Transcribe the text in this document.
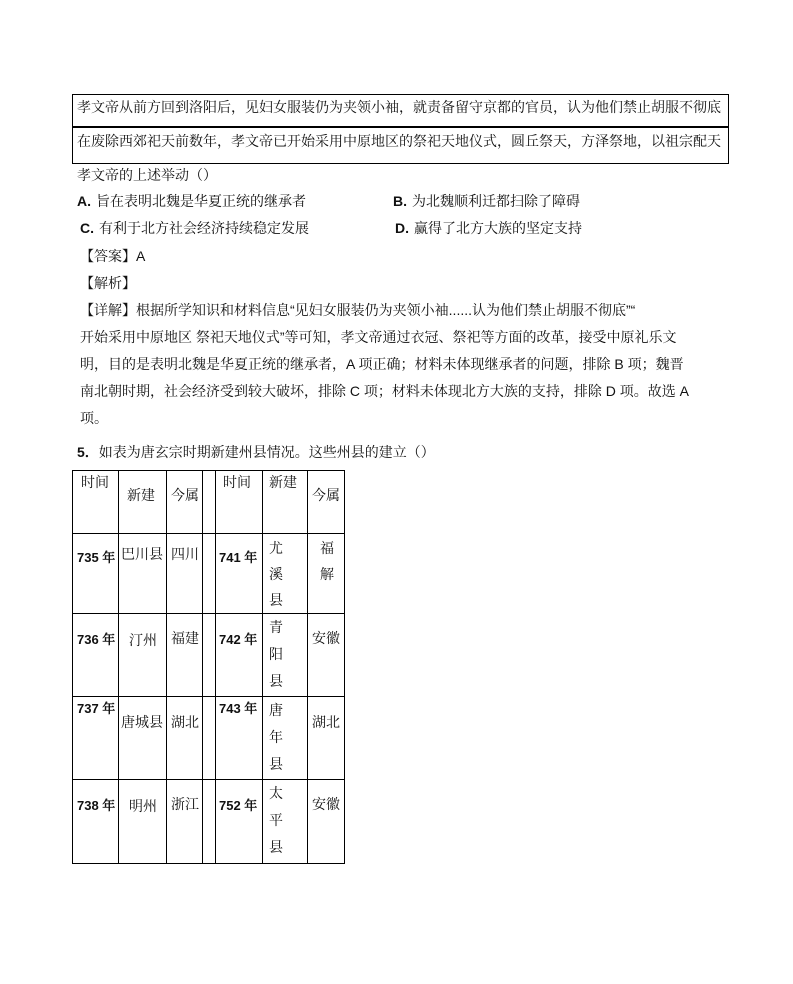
孝文帝从前方回到洛阳后，见妇女服装仍为夹领小袖，就责备留守京都的官员，认为他们禁止胡服不彻底
在废除西郊祀天前数年，孝文帝已开始采用中原地区的祭祀天地仪式，圆丘祭天，方泽祭地，以祖宗配天
孝文帝的上述举动（）
A. 旨在表明北魏是华夏正统的继承者	B. 为北魏顺利迁都扫除了障碍
C. 有利于北方社会经济持续稳定发展	D. 赢得了北方大族的坚定支持
【答案】A
【解析】
【详解】根据所学知识和材料信息“见妇女服装仍为夹领小袖......认为他们禁止胡服不彻底”“
开始采用中原地区 祭祀天地仪式”等可知，孝文帝通过衣冠、祭祀等方面的改革，接受中原礼乐文
明，目的是表明北魏是华夏正统的继承者，A 项正确；材料未体现继承者的问题，排除 B 项；魏晋
南北朝时期，社会经济受到较大破坏，排除 C 项；材料未体现北方大族的支持，排除 D 项。故选 A
项。
5．如表为唐玄宗时期新建州县情况。这些州县的建立（）
时间	新建	今属		时间	新建	今属

735 年	巴川县	四川		741 年	尤溪县	福解

736 年	汀州	福建		742 年	青阳县	安徽

737 年	唐城县	湖北		743 年	唐年县	湖北

738 年	明州	浙江		752 年	太平县	安徽
